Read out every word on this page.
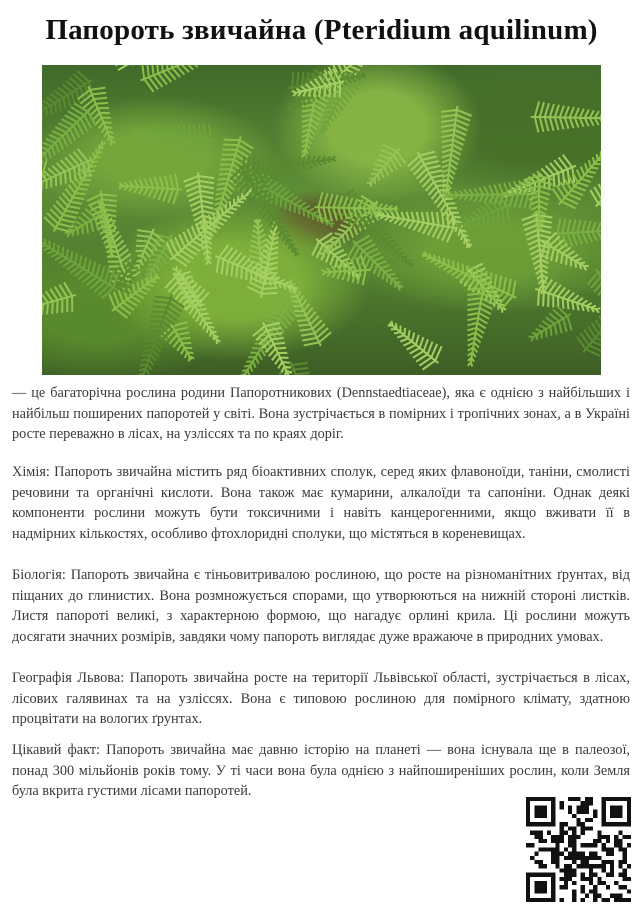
Папороть звичайна (Pteridium aquilinum)

— це багаторічна рослина родини Папоротникових (Dennstaedtiaceae), яка є однією з найбільших і найбільш поширених папоротей у світі. Вона зустрічається в помірних і тропічних зонах, а в Україні росте переважно в лісах, на узліссях та по краях доріг.

Хімія: Папороть звичайна містить ряд біоактивних сполук, серед яких флавоноїди, таніни, смолисті речовини та органічні кислоти. Вона також має кумарини, алкалоїди та сапоніни. Однак деякі компоненти рослини можуть бути токсичними і навіть канцерогенними, якщо вживати її в надмірних кількостях, особливо фтохлоридні сполуки, що містяться в кореневищах.

Біологія: Папороть звичайна є тіньовитривалою рослиною, що росте на різноманітних ґрунтах, від піщаних до глинистих. Вона розмножується спорами, що утворюються на нижній стороні листків. Листя папороті великі, з характерною формою, що нагадує орлині крила. Ці рослини можуть досягати значних розмірів, завдяки чому папороть виглядає дуже вражаюче в природних умовах.

Географія Львова: Папороть звичайна росте на території Львівської області, зустрічається в лісах, лісових галявинах та на узліссях. Вона є типовою рослиною для помірного клімату, здатною процвітати на вологих ґрунтах.

Цікавий факт: Папороть звичайна має давню історію на планеті — вона існувала ще в палеозої, понад 300 мільйонів років тому. У ті часи вона була однією з найпоширеніших рослин, коли Земля була вкрита густими лісами папоротей.
